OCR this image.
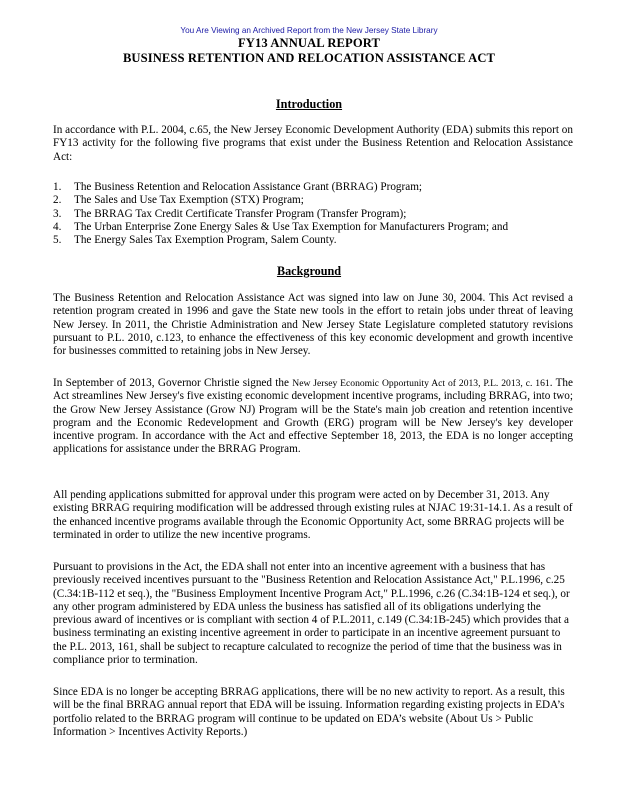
You Are Viewing an Archived Report from the New Jersey State Library
FY13 ANNUAL REPORT
BUSINESS RETENTION AND RELOCATION ASSISTANCE ACT
Introduction

In accordance with P.L. 2004, c.65, the New Jersey Economic Development Authority (EDA) submits this report on FY13 activity for the following five programs that exist under the Business Retention and Relocation Assistance Act:

1.	The Business Retention and Relocation Assistance Grant (BRRAG) Program;
2.	The Sales and Use Tax Exemption (STX) Program;
3.	The BRRAG Tax Credit Certificate Transfer Program (Transfer Program);
4.	The Urban Enterprise Zone Energy Sales & Use Tax Exemption for Manufacturers Program; and
5.	The Energy Sales Tax Exemption Program, Salem County.
Background

The Business Retention and Relocation Assistance Act was signed into law on June 30, 2004. This Act revised a retention program created in 1996 and gave the State new tools in the effort to retain jobs under threat of leaving New Jersey. In 2011, the Christie Administration and New Jersey State Legislature completed statutory revisions pursuant to P.L. 2010, c.123, to enhance the effectiveness of this key economic development and growth incentive for businesses committed to retaining jobs in New Jersey.

In September of 2013, Governor Christie signed the New Jersey Economic Opportunity Act of 2013, P.L. 2013, c. 161. The Act streamlines New Jersey's five existing economic development incentive programs, including BRRAG, into two; the Grow New Jersey Assistance (Grow NJ) Program will be the State's main job creation and retention incentive program and the Economic Redevelopment and Growth (ERG) program will be New Jersey's key developer incentive program. In accordance with the Act and effective September 18, 2013, the EDA is no longer accepting applications for assistance under the BRRAG Program.

All pending applications submitted for approval under this program were acted on by December 31, 2013. Any existing BRRAG requiring modification will be addressed through existing rules at NJAC 19:31-14.1. As a result of the enhanced incentive programs available through the Economic Opportunity Act, some BRRAG projects will be terminated in order to utilize the new incentive programs.

Pursuant to provisions in the Act, the EDA shall not enter into an incentive agreement with a business that has previously received incentives pursuant to the "Business Retention and Relocation Assistance Act," P.L.1996, c.25 (C.34:1B-112 et seq.), the "Business Employment Incentive Program Act," P.L.1996, c.26 (C.34:1B-124 et seq.), or any other program administered by EDA unless the business has satisfied all of its obligations underlying the previous award of incentives or is compliant with section 4 of P.L.2011, c.149 (C.34:1B-245) which provides that a business terminating an existing incentive agreement in order to participate in an incentive agreement pursuant to the P.L. 2013, 161, shall be subject to recapture calculated to recognize the period of time that the business was in compliance prior to termination.

Since EDA is no longer be accepting BRRAG applications, there will be no new activity to report. As a result, this will be the final BRRAG annual report that EDA will be issuing. Information regarding existing projects in EDA’s portfolio related to the BRRAG program will continue to be updated on EDA’s website (About Us > Public Information > Incentives Activity Reports.)
